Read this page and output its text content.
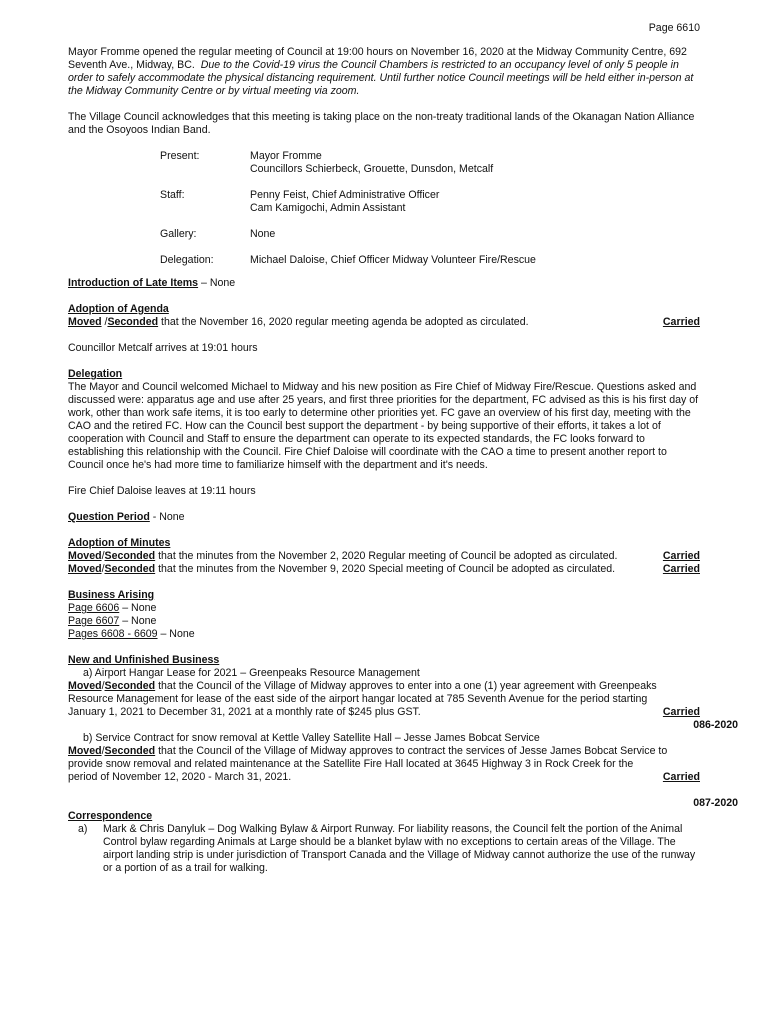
Page 6610

Mayor Fromme opened the regular meeting of Council at 19:00 hours on November 16, 2020 at the Midway Community Centre, 692 Seventh Ave., Midway, BC. Due to the Covid-19 virus the Council Chambers is restricted to an occupancy level of only 5 people in order to safely accommodate the physical distancing requirement. Until further notice Council meetings will be held either in-person at the Midway Community Centre or by virtual meeting via zoom.

The Village Council acknowledges that this meeting is taking place on the non-treaty traditional lands of the Okanagan Nation Alliance and the Osoyoos Indian Band.

Present:	Mayor Fromme
Councillors Schierbeck, Grouette, Dunsdon, Metcalf
Staff:	Penny Feist, Chief Administrative Officer
Cam Kamigochi, Admin Assistant
Gallery:	None
Delegation:	Michael Daloise, Chief Officer Midway Volunteer Fire/Rescue

Introduction of Late Items – None

Adoption of Agenda

Moved /Seconded that the November 16, 2020 regular meeting agenda be adopted as circulated.	Carried

Councillor Metcalf arrives at 19:01 hours

Delegation

The Mayor and Council welcomed Michael to Midway and his new position as Fire Chief of Midway Fire/Rescue. Questions asked and discussed were: apparatus age and use after 25 years, and first three priorities for the department, FC advised as this is his first day of work, other than work safe items, it is too early to determine other priorities yet. FC gave an overview of his first day, meeting with the CAO and the retired FC. How can the Council best support the department - by being supportive of their efforts, it takes a lot of cooperation with Council and Staff to ensure the department can operate to its expected standards, the FC looks forward to establishing this relationship with the Council. Fire Chief Daloise will coordinate with the CAO a time to present another report to Council once he's had more time to familiarize himself with the department and it's needs.

Fire Chief Daloise leaves at 19:11 hours

Question Period - None

Adoption of Minutes

Moved/Seconded that the minutes from the November 2, 2020 Regular meeting of Council be adopted as circulated.	Carried
Moved/Seconded that the minutes from the November 9, 2020 Special meeting of Council be adopted as circulated.	Carried

Business Arising

Page 6606 – None

Page 6607 – None

Pages 6608 - 6609 – None

New and Unfinished Business

a) Airport Hangar Lease for 2021 – Greenpeaks Resource Management

Moved/Seconded that the Council of the Village of Midway approves to enter into a one (1) year agreement with Greenpeaks Resource Management for lease of the east side of the airport hangar located at 785 Seventh Avenue for the period starting

January 1, 2021 to December 31, 2021 at a monthly rate of $245 plus GST.	Carried

086-2020

b) Service Contract for snow removal at Kettle Valley Satellite Hall – Jesse James Bobcat Service

Moved/Seconded that the Council of the Village of Midway approves to contract the services of Jesse James Bobcat Service to provide snow removal and related maintenance at the Satellite Fire Hall located at 3645 Highway 3 in Rock Creek for the

period of November 12, 2020 - March 31, 2021.	Carried

087-2020

Correspondence

a)	Mark & Chris Danyluk – Dog Walking Bylaw & Airport Runway. For liability reasons, the Council felt the portion of the Animal Control bylaw regarding Animals at Large should be a blanket bylaw with no exceptions to certain areas of the Village. The airport landing strip is under jurisdiction of Transport Canada and the Village of Midway cannot authorize the use of the runway or a portion of as a trail for walking.
